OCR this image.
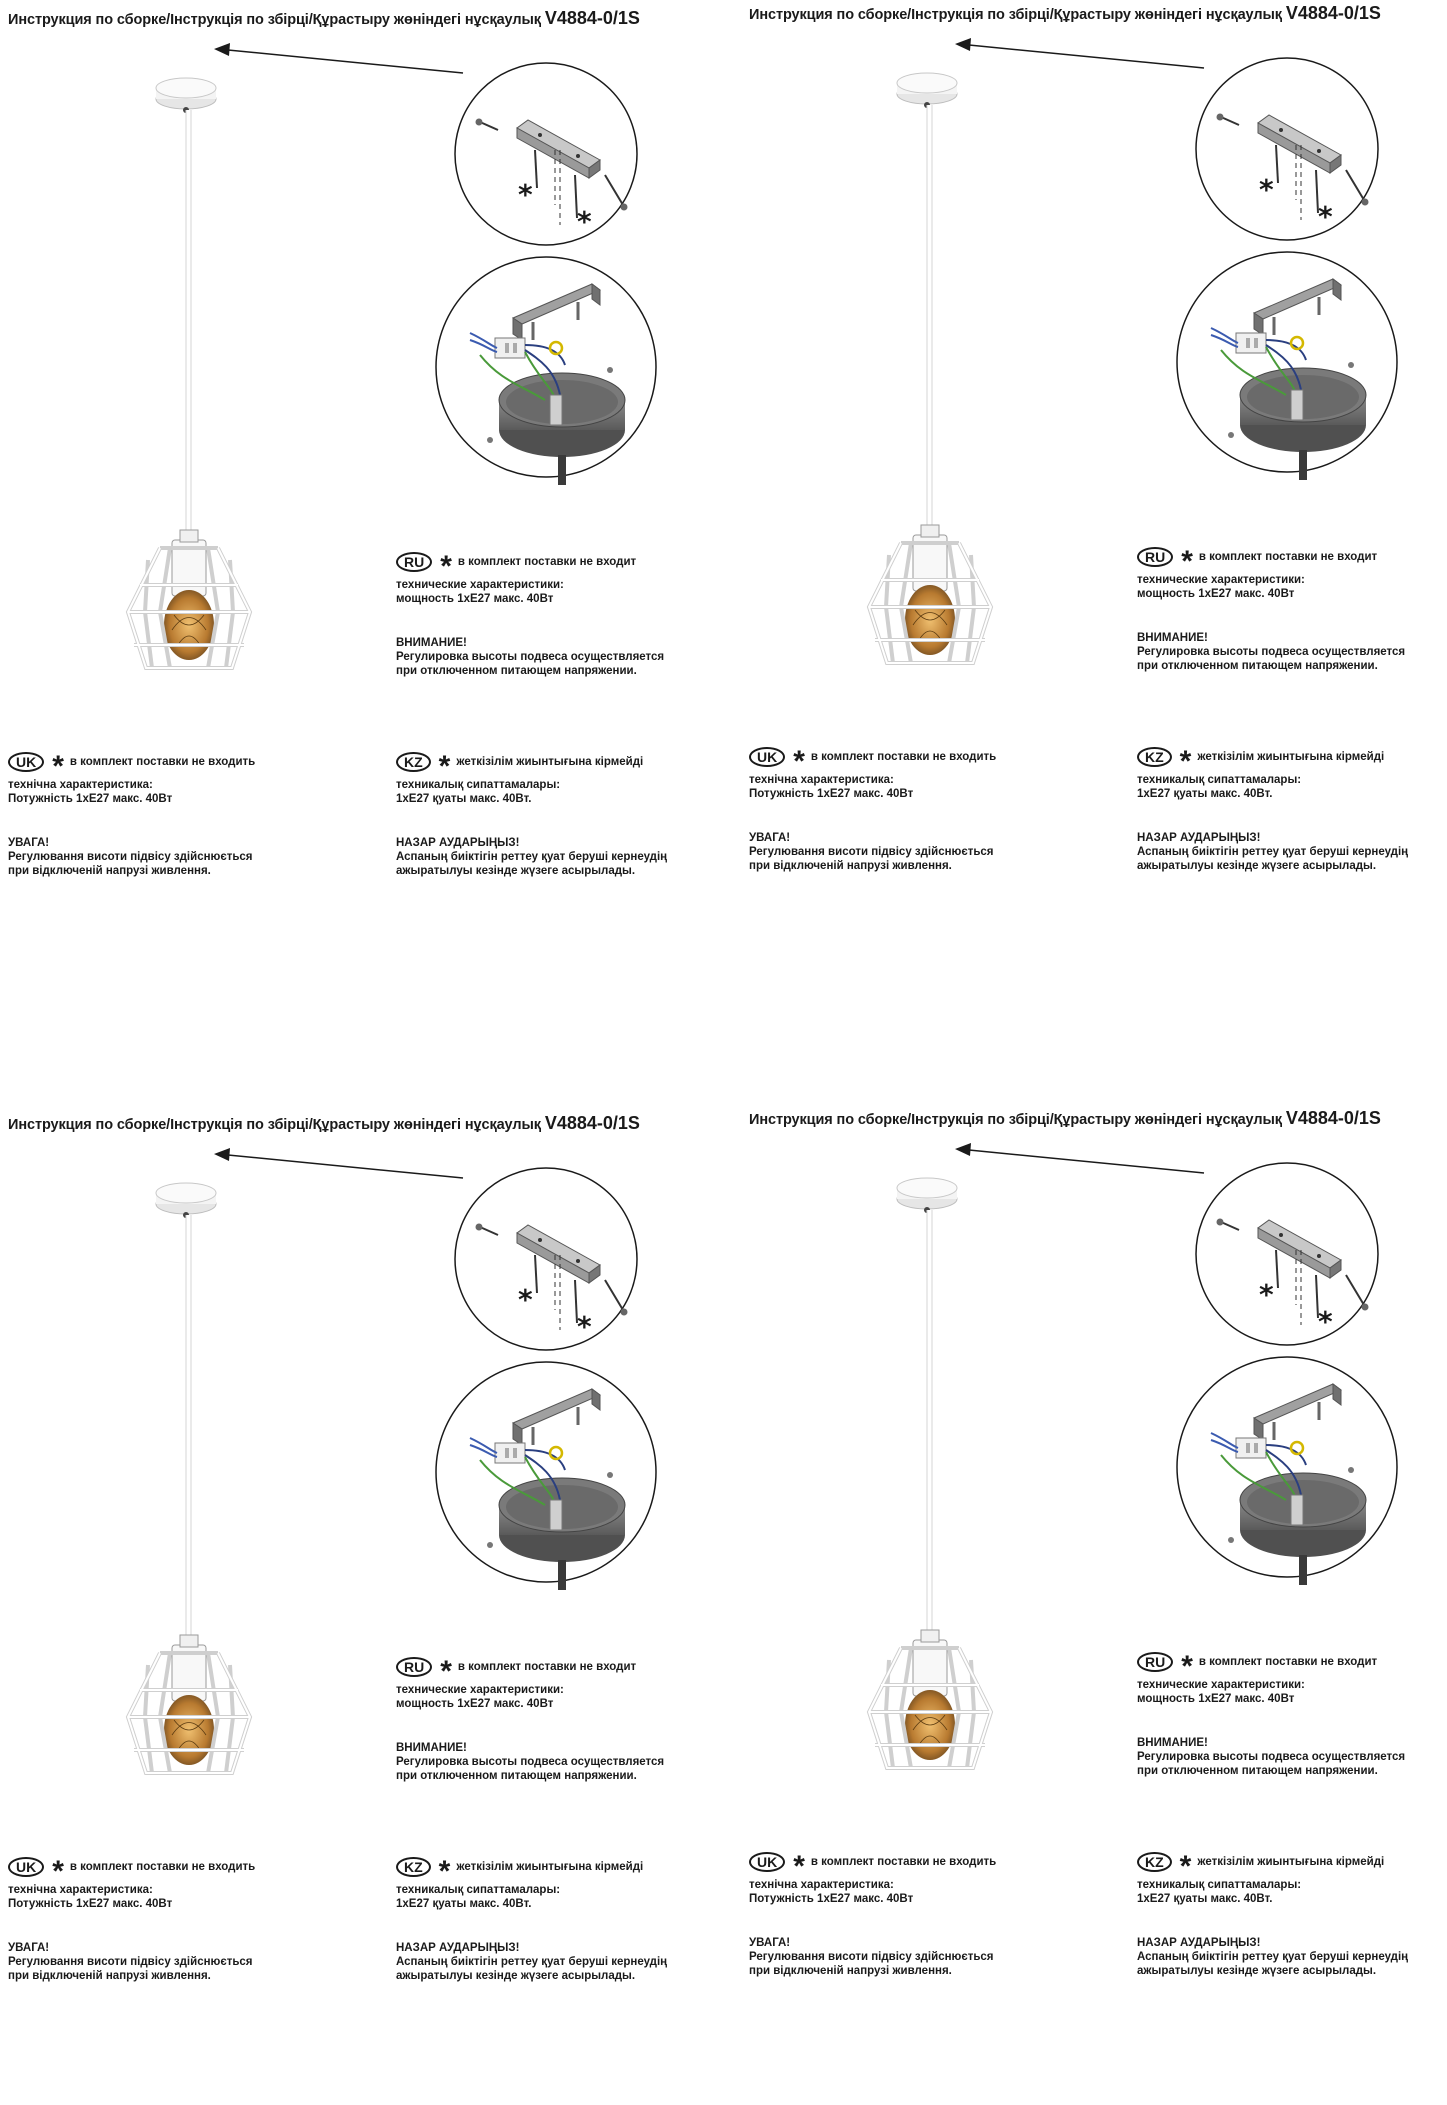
Инструкция по сборке/Інструкція по збірці/Құрастыру жөніндегі нұсқаулық V4884-0/1S
*
*
RU * в комплект поставки не входит
технические характеристики:
мощность 1хЕ27 макс. 40Вт
ВНИМАНИЕ!
Регулировка высоты подвеса осуществляется
при отключенном питающем напряжении.
UK * в комплект поставки не входить
технічна характеристика:
Потужність 1хЕ27 макс. 40Вт
УВАГА!
Регулювання висоти підвісу здійснюється
при відключеній напрузі живлення.
KZ * жеткізілім жиынтығына кірмейді
техникалық сипаттамалары:
1хЕ27 қуаты макс. 40Вт.
НАЗАР АУДАРЫҢЫЗ!
Аспаның биіктігін реттеу қуат беруші кернеудің
ажыратылуы кезінде жүзеге асырылады.
Инструкция по сборке/Інструкція по збірці/Құрастыру жөніндегі нұсқаулық V4884-0/1S
*
*
RU * в комплект поставки не входит
технические характеристики:
мощность 1хЕ27 макс. 40Вт
ВНИМАНИЕ!
Регулировка высоты подвеса осуществляется
при отключенном питающем напряжении.
UK * в комплект поставки не входить
технічна характеристика:
Потужність 1хЕ27 макс. 40Вт
УВАГА!
Регулювання висоти підвісу здійснюється
при відключеній напрузі живлення.
KZ * жеткізілім жиынтығына кірмейді
техникалық сипаттамалары:
1хЕ27 қуаты макс. 40Вт.
НАЗАР АУДАРЫҢЫЗ!
Аспаның биіктігін реттеу қуат беруші кернеудің
ажыратылуы кезінде жүзеге асырылады.
Инструкция по сборке/Інструкція по збірці/Құрастыру жөніндегі нұсқаулық V4884-0/1S
*
*
RU * в комплект поставки не входит
технические характеристики:
мощность 1хЕ27 макс. 40Вт
ВНИМАНИЕ!
Регулировка высоты подвеса осуществляется
при отключенном питающем напряжении.
UK * в комплект поставки не входить
технічна характеристика:
Потужність 1хЕ27 макс. 40Вт
УВАГА!
Регулювання висоти підвісу здійснюється
при відключеній напрузі живлення.
KZ * жеткізілім жиынтығына кірмейді
техникалық сипаттамалары:
1хЕ27 қуаты макс. 40Вт.
НАЗАР АУДАРЫҢЫЗ!
Аспаның биіктігін реттеу қуат беруші кернеудің
ажыратылуы кезінде жүзеге асырылады.
Инструкция по сборке/Інструкція по збірці/Құрастыру жөніндегі нұсқаулық V4884-0/1S
*
*
RU * в комплект поставки не входит
технические характеристики:
мощность 1хЕ27 макс. 40Вт
ВНИМАНИЕ!
Регулировка высоты подвеса осуществляется
при отключенном питающем напряжении.
UK * в комплект поставки не входить
технічна характеристика:
Потужність 1хЕ27 макс. 40Вт
УВАГА!
Регулювання висоти підвісу здійснюється
при відключеній напрузі живлення.
KZ * жеткізілім жиынтығына кірмейді
техникалық сипаттамалары:
1хЕ27 қуаты макс. 40Вт.
НАЗАР АУДАРЫҢЫЗ!
Аспаның биіктігін реттеу қуат беруші кернеудің
ажыратылуы кезінде жүзеге асырылады.
